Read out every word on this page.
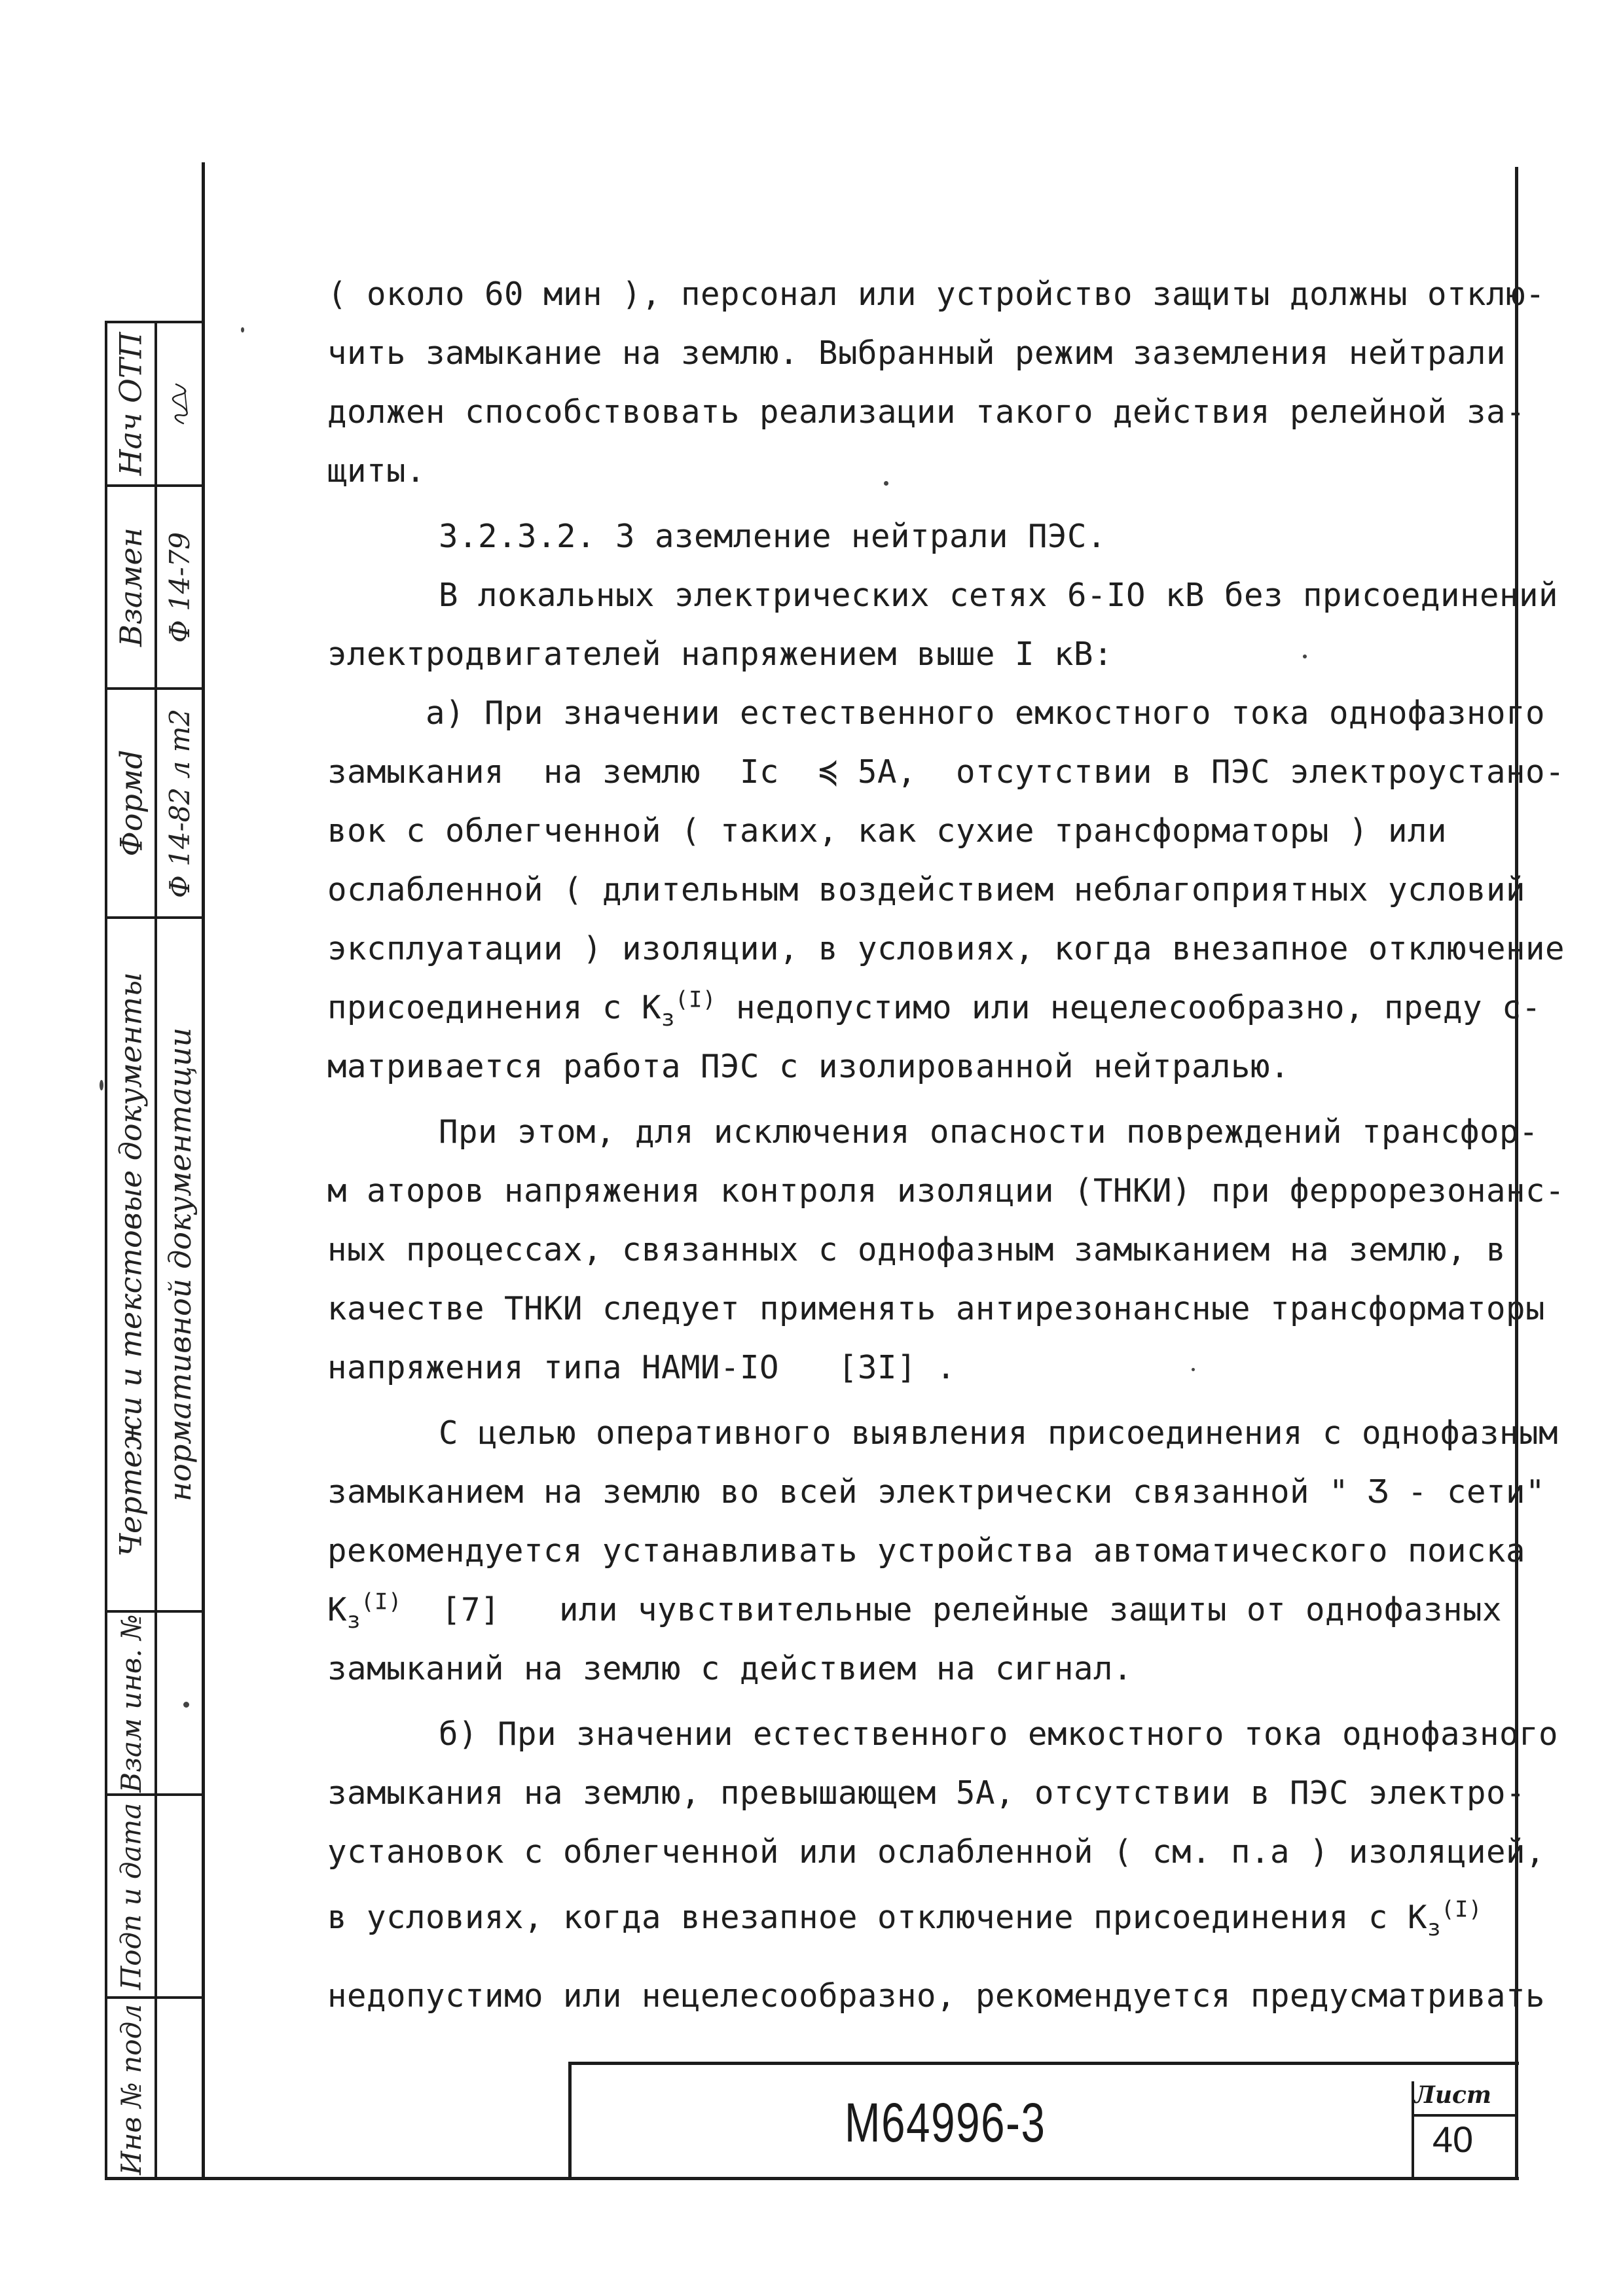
Нач ОТП
Взамен Ф 14-79
Формd Ф 14-82 л т2
Чертежи и текстовые документы нормативной документации
Взам инв. №
Подп и дата
Инв № подл
( около 60 мин ), персонал или устройство защиты должны отклю-
чить замыкание на землю. Выбранный режим заземления нейтрали
должен способствовать реализации такого действия релейной за-
щиты.
3.2.3.2. З аземление нейтрали ПЭС.
В локальных электрических сетях 6-IO кВ без присоединений
электродвигателей напряжением выше I кВ:
а) При значении естественного емкостного тока однофазного
замыкания  на землю  Iс  ≼ 5А,  отсутствии в ПЭС электроустано-
вок с облегченной ( таких, как сухие трансформаторы ) или
ослабленной ( длительным воздействием неблагоприятных условий
эксплуатации ) изоляции, в условиях, когда внезапное отключение
присоединения с $К_з^{(I)}$ недопустимо или нецелесообразно, преду с-
матривается работа ПЭС с изолированной нейтралью.
При этом, для исключения опасности повреждений трансфор-
м аторов напряжения контроля изоляции (ТНКИ) при феррорезонанс-
ных процессах, связанных с однофазным замыканием на землю, в
качестве ТНКИ следует применять антирезонансные трансформаторы
напряжения типа НАМИ-IO [3I] .
С целью оперативного выявления присоединения с однофазным
замыканием на землю во всей электрически связанной " Ʒ - сети"
рекомендуется устанавливать устройства автоматического поиска
$К_з^{(I)}$ [7] или чувствительные релейные защиты от однофазных
замыканий на землю с действием на сигнал.
б) При значении естественного емкостного тока однофазного
замыкания на землю, превышающем 5А, отсутствии в ПЭС электро-
установок с облегченной или ослабленной ( см. п.а ) изоляцией,
в условиях, когда внезапное отключение присоединения с $К_з^{(I)}$
недопустимо или нецелесообразно, рекомендуется предусматривать
М64996-3	Лист
40
